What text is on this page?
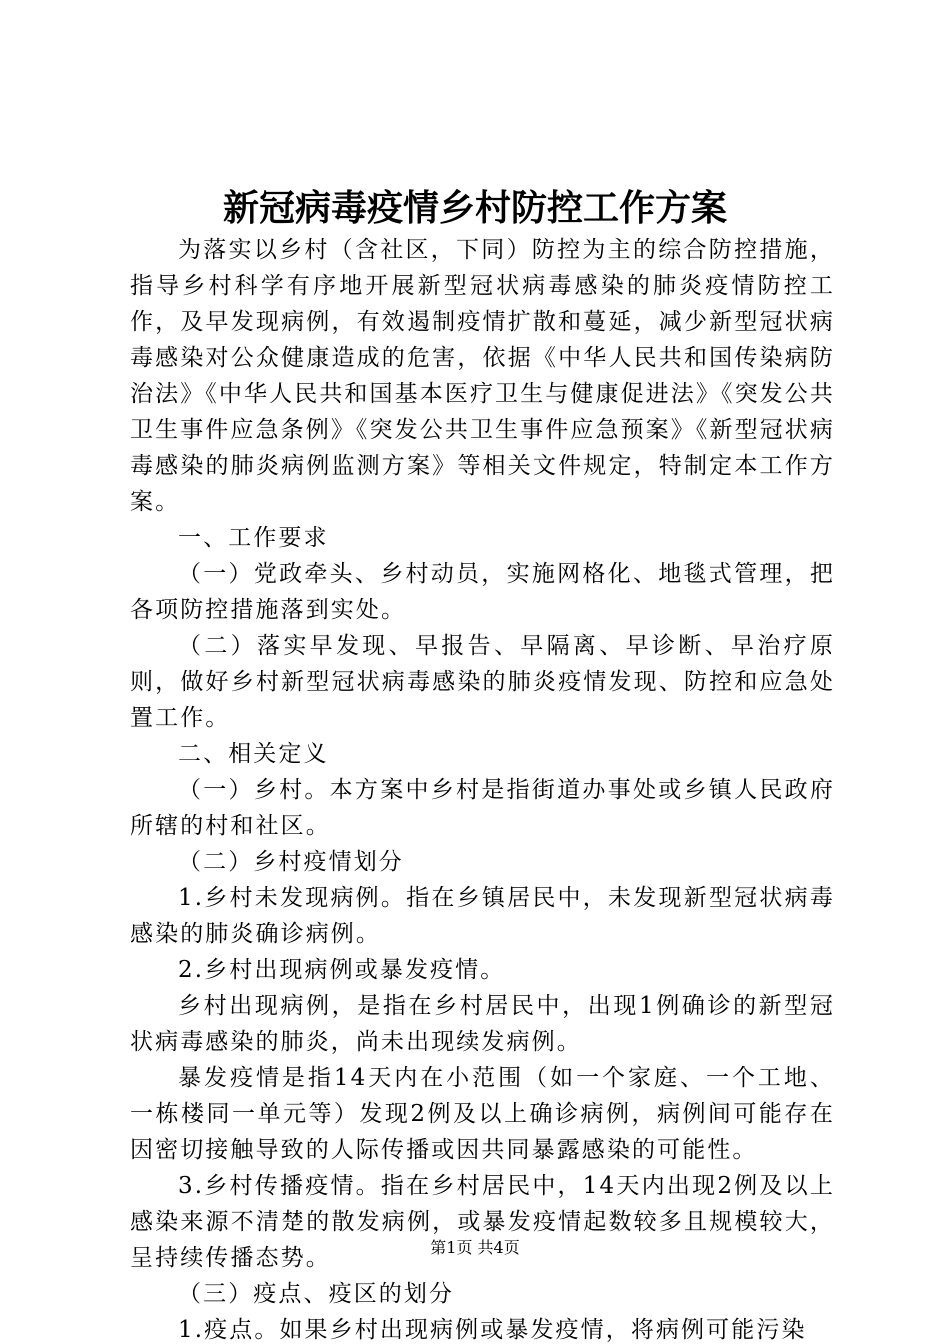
新冠病毒疫情乡村防控工作方案

为落实以乡村（含社区，下同）防控为主的综合防控措施，指导乡村科学有序地开展新型冠状病毒感染的肺炎疫情防控工作，及早发现病例，有效遏制疫情扩散和蔓延，减少新型冠状病毒感染对公众健康造成的危害，依据《中华人民共和国传染病防治法》《中华人民共和国基本医疗卫生与健康促进法》《突发公共卫生事件应急条例》《突发公共卫生事件应急预案》《新型冠状病毒感染的肺炎病例监测方案》等相关文件规定，特制定本工作方案。

一、工作要求

（一）党政牵头、乡村动员，实施网格化、地毯式管理，把各项防控措施落到实处。

（二）落实早发现、早报告、早隔离、早诊断、早治疗原则，做好乡村新型冠状病毒感染的肺炎疫情发现、防控和应急处置工作。

二、相关定义

（一）乡村。本方案中乡村是指街道办事处或乡镇人民政府所辖的村和社区。

（二）乡村疫情划分

1.乡村未发现病例。指在乡镇居民中，未发现新型冠状病毒感染的肺炎确诊病例。

2.乡村出现病例或暴发疫情。

乡村出现病例，是指在乡村居民中，出现1例确诊的新型冠状病毒感染的肺炎，尚未出现续发病例。

暴发疫情是指14天内在小范围（如一个家庭、一个工地、一栋楼同一单元等）发现2例及以上确诊病例，病例间可能存在因密切接触导致的人际传播或因共同暴露感染的可能性。

3.乡村传播疫情。指在乡村居民中，14天内出现2例及以上感染来源不清楚的散发病例，或暴发疫情起数较多且规模较大，呈持续传播态势。

（三）疫点、疫区的划分

1.疫点。如果乡村出现病例或暴发疫情，将病例可能污染

第1页 共4页
